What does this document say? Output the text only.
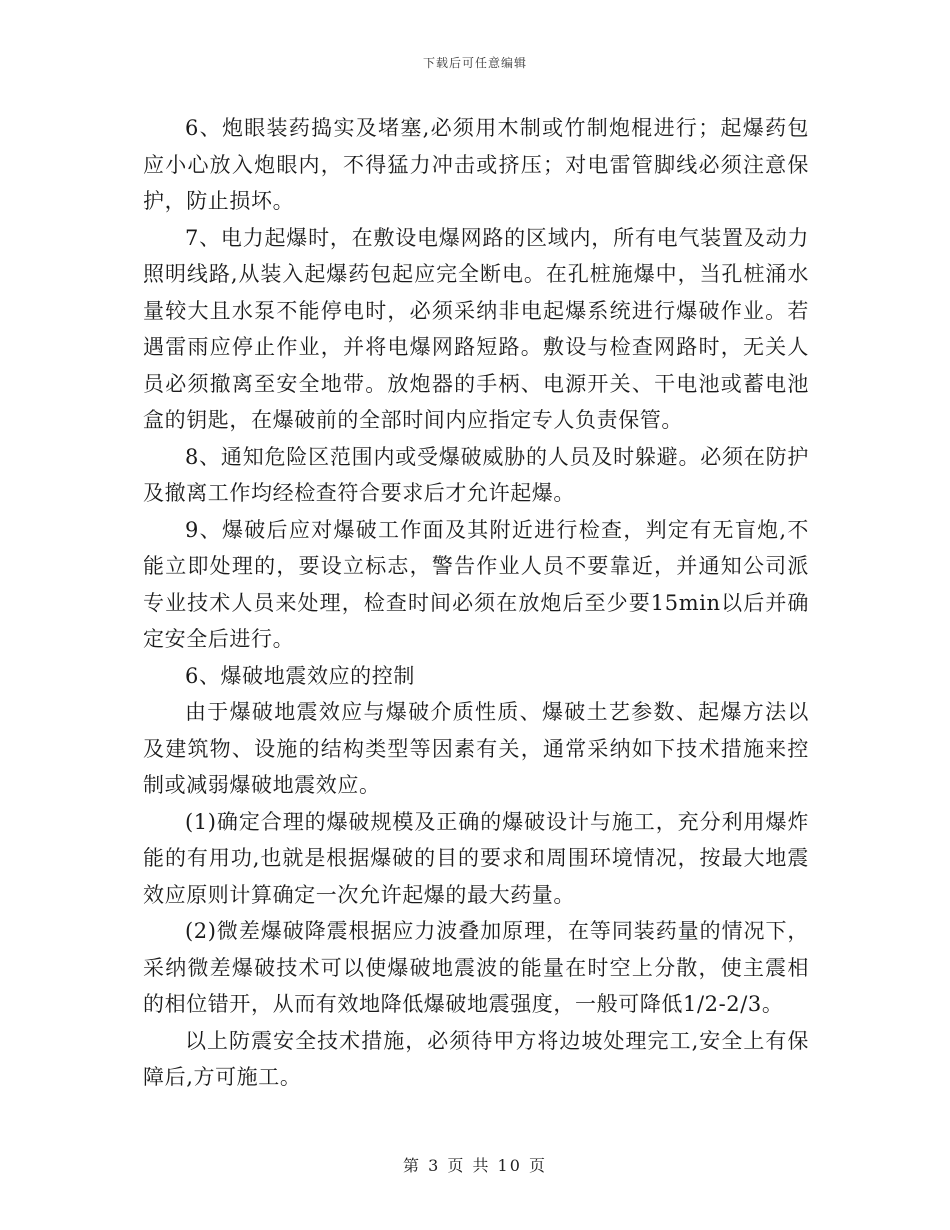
下载后可任意编辑

6、炮眼装药捣实及堵塞,必须用木制或竹制炮棍进行；起爆药包应小心放入炮眼内，不得猛力冲击或挤压；对电雷管脚线必须注意保护，防止损坏。

7、电力起爆时，在敷设电爆网路的区域内，所有电气装置及动力照明线路,从装入起爆药包起应完全断电。在孔桩施爆中，当孔桩涌水量较大且水泵不能停电时，必须采纳非电起爆系统进行爆破作业。若遇雷雨应停止作业，并将电爆网路短路。敷设与检查网路时，无关人员必须撤离至安全地带。放炮器的手柄、电源开关、干电池或蓄电池盒的钥匙，在爆破前的全部时间内应指定专人负责保管。

8、通知危险区范围内或受爆破威胁的人员及时躲避。必须在防护及撤离工作均经检查符合要求后才允许起爆。

9、爆破后应对爆破工作面及其附近进行检查，判定有无盲炮,不能立即处理的，要设立标志，警告作业人员不要靠近，并通知公司派专业技术人员来处理，检查时间必须在放炮后至少要15min以后并确定安全后进行。

6、爆破地震效应的控制

由于爆破地震效应与爆破介质性质、爆破土艺参数、起爆方法以及建筑物、设施的结构类型等因素有关，通常采纳如下技术措施来控制或减弱爆破地震效应。

(1)确定合理的爆破规模及正确的爆破设计与施工，充分利用爆炸能的有用功,也就是根据爆破的目的要求和周围环境情况，按最大地震效应原则计算确定一次允许起爆的最大药量。

(2)微差爆破降震根据应力波叠加原理，在等同装药量的情况下，采纳微差爆破技术可以使爆破地震波的能量在时空上分散，使主震相的相位错开，从而有效地降低爆破地震强度，一般可降低1/2-2/3。

以上防震安全技术措施，必须待甲方将边坡处理完工,安全上有保障后,方可施工。

第 3 页 共 10 页
